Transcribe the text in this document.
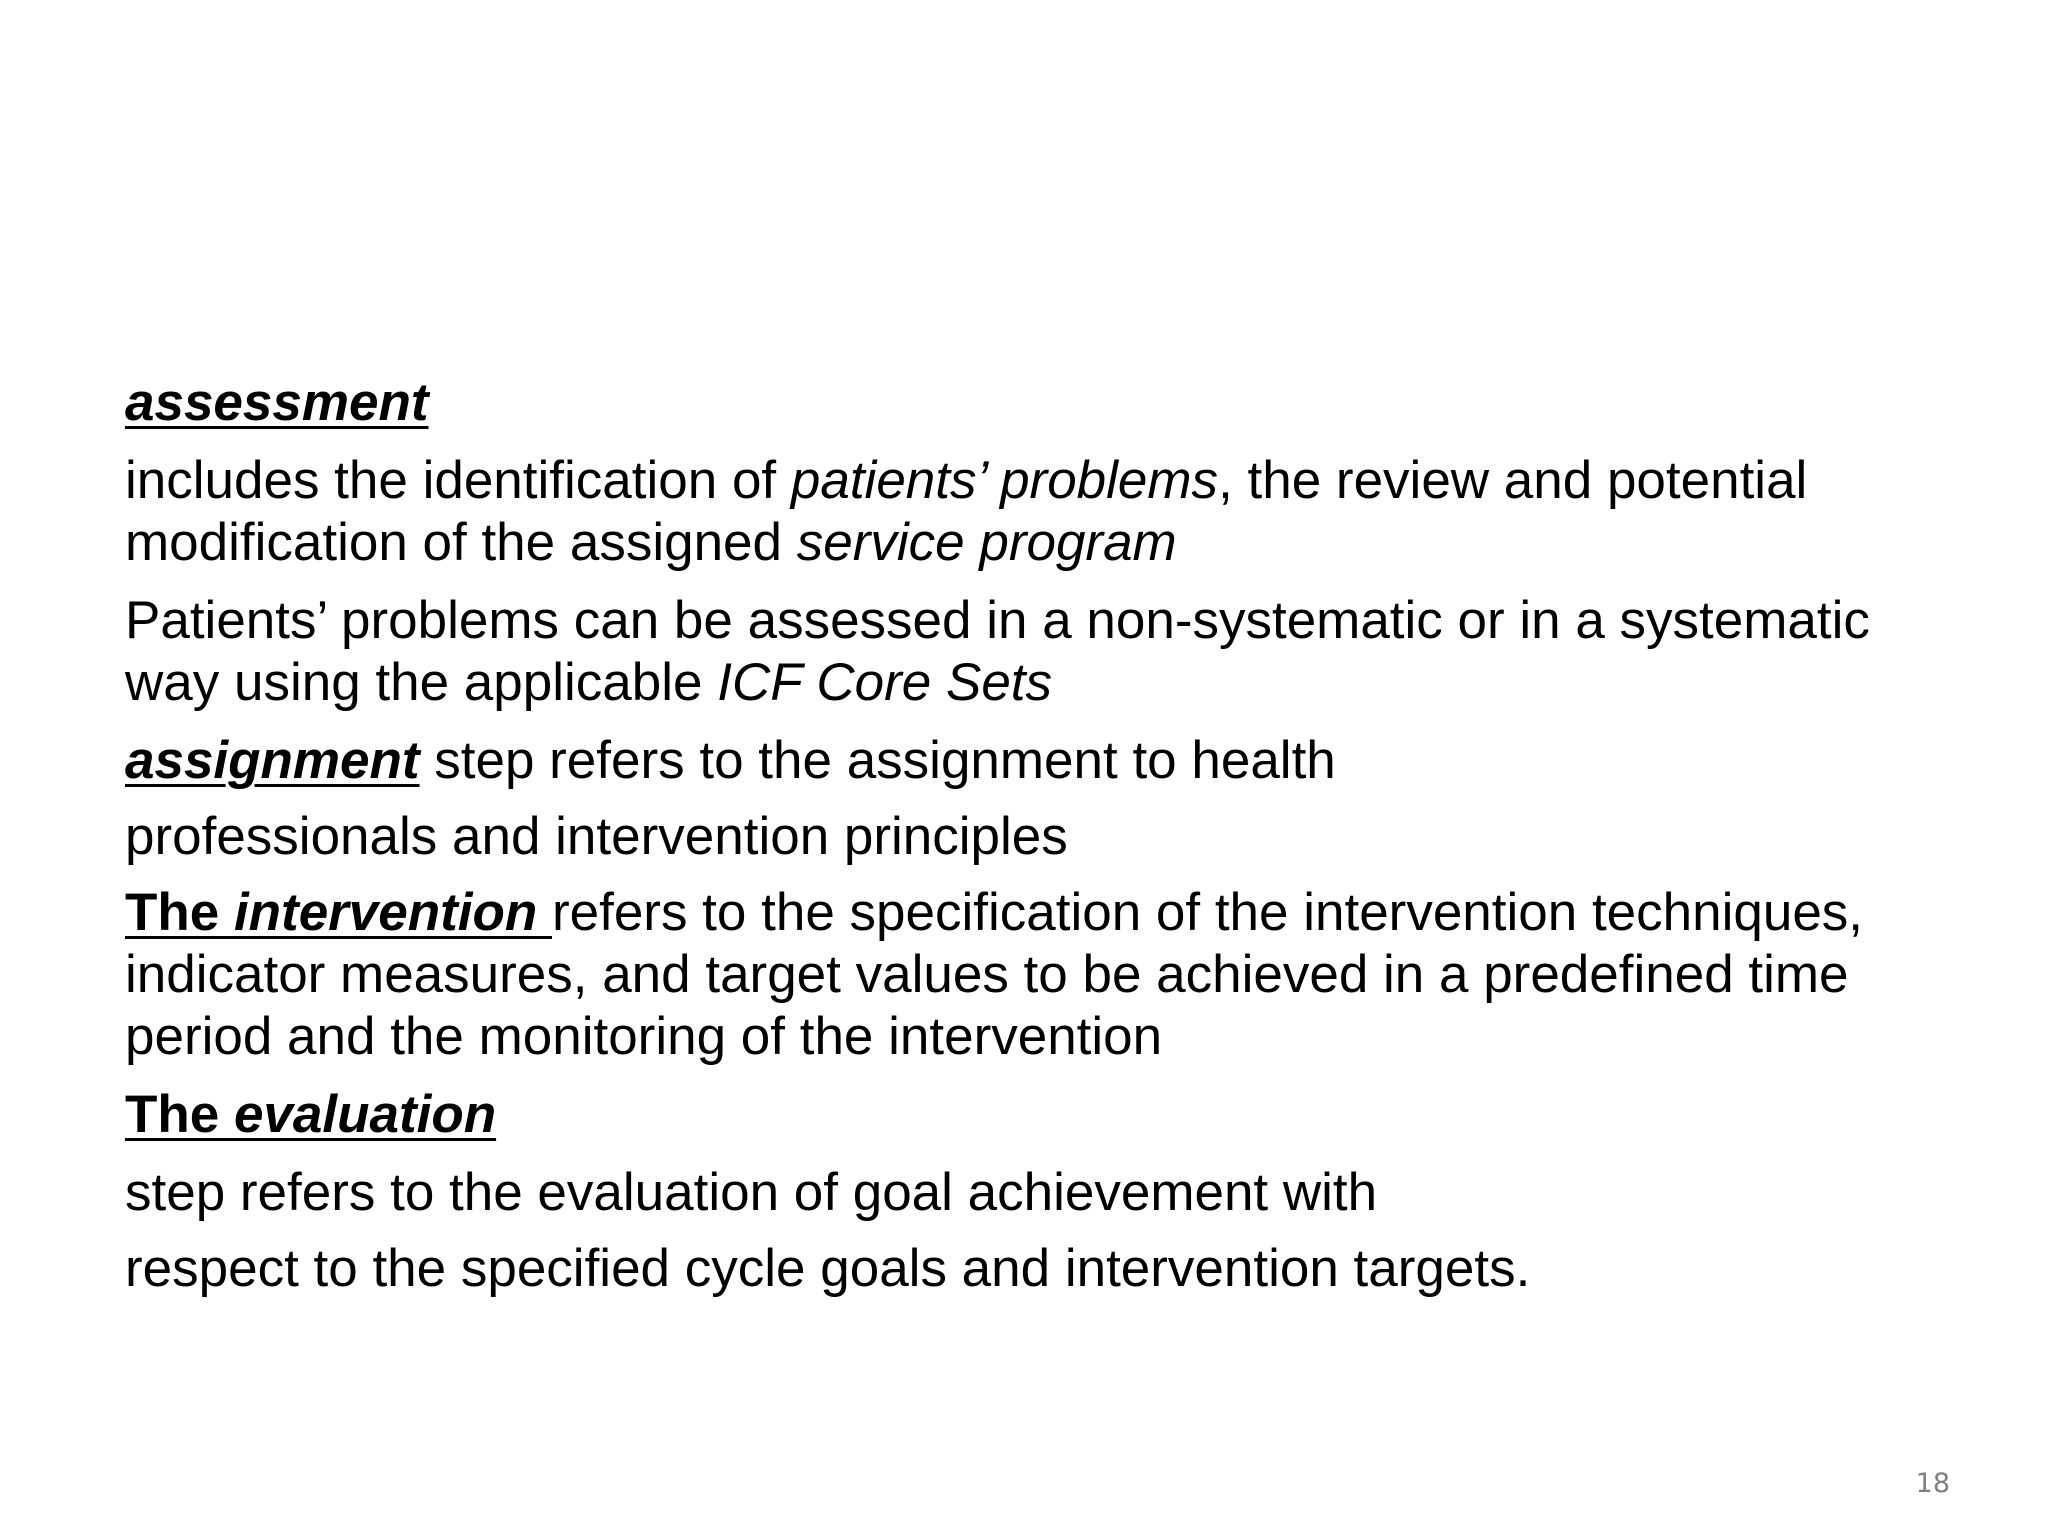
assessment

includes the identification of patients’ problems, the review and potential modification of the assigned service program

Patients’ problems can be assessed in a non-systematic or in a systematic way using the applicable ICF Core Sets

assignment step refers to the assignment to health

professionals and intervention principles

The intervention refers to the specification of the intervention techniques, indicator measures, and target values to be achieved in a predefined time period and the monitoring of the intervention

The evaluation

step refers to the evaluation of goal achievement with

respect to the specified cycle goals and intervention targets.

18
